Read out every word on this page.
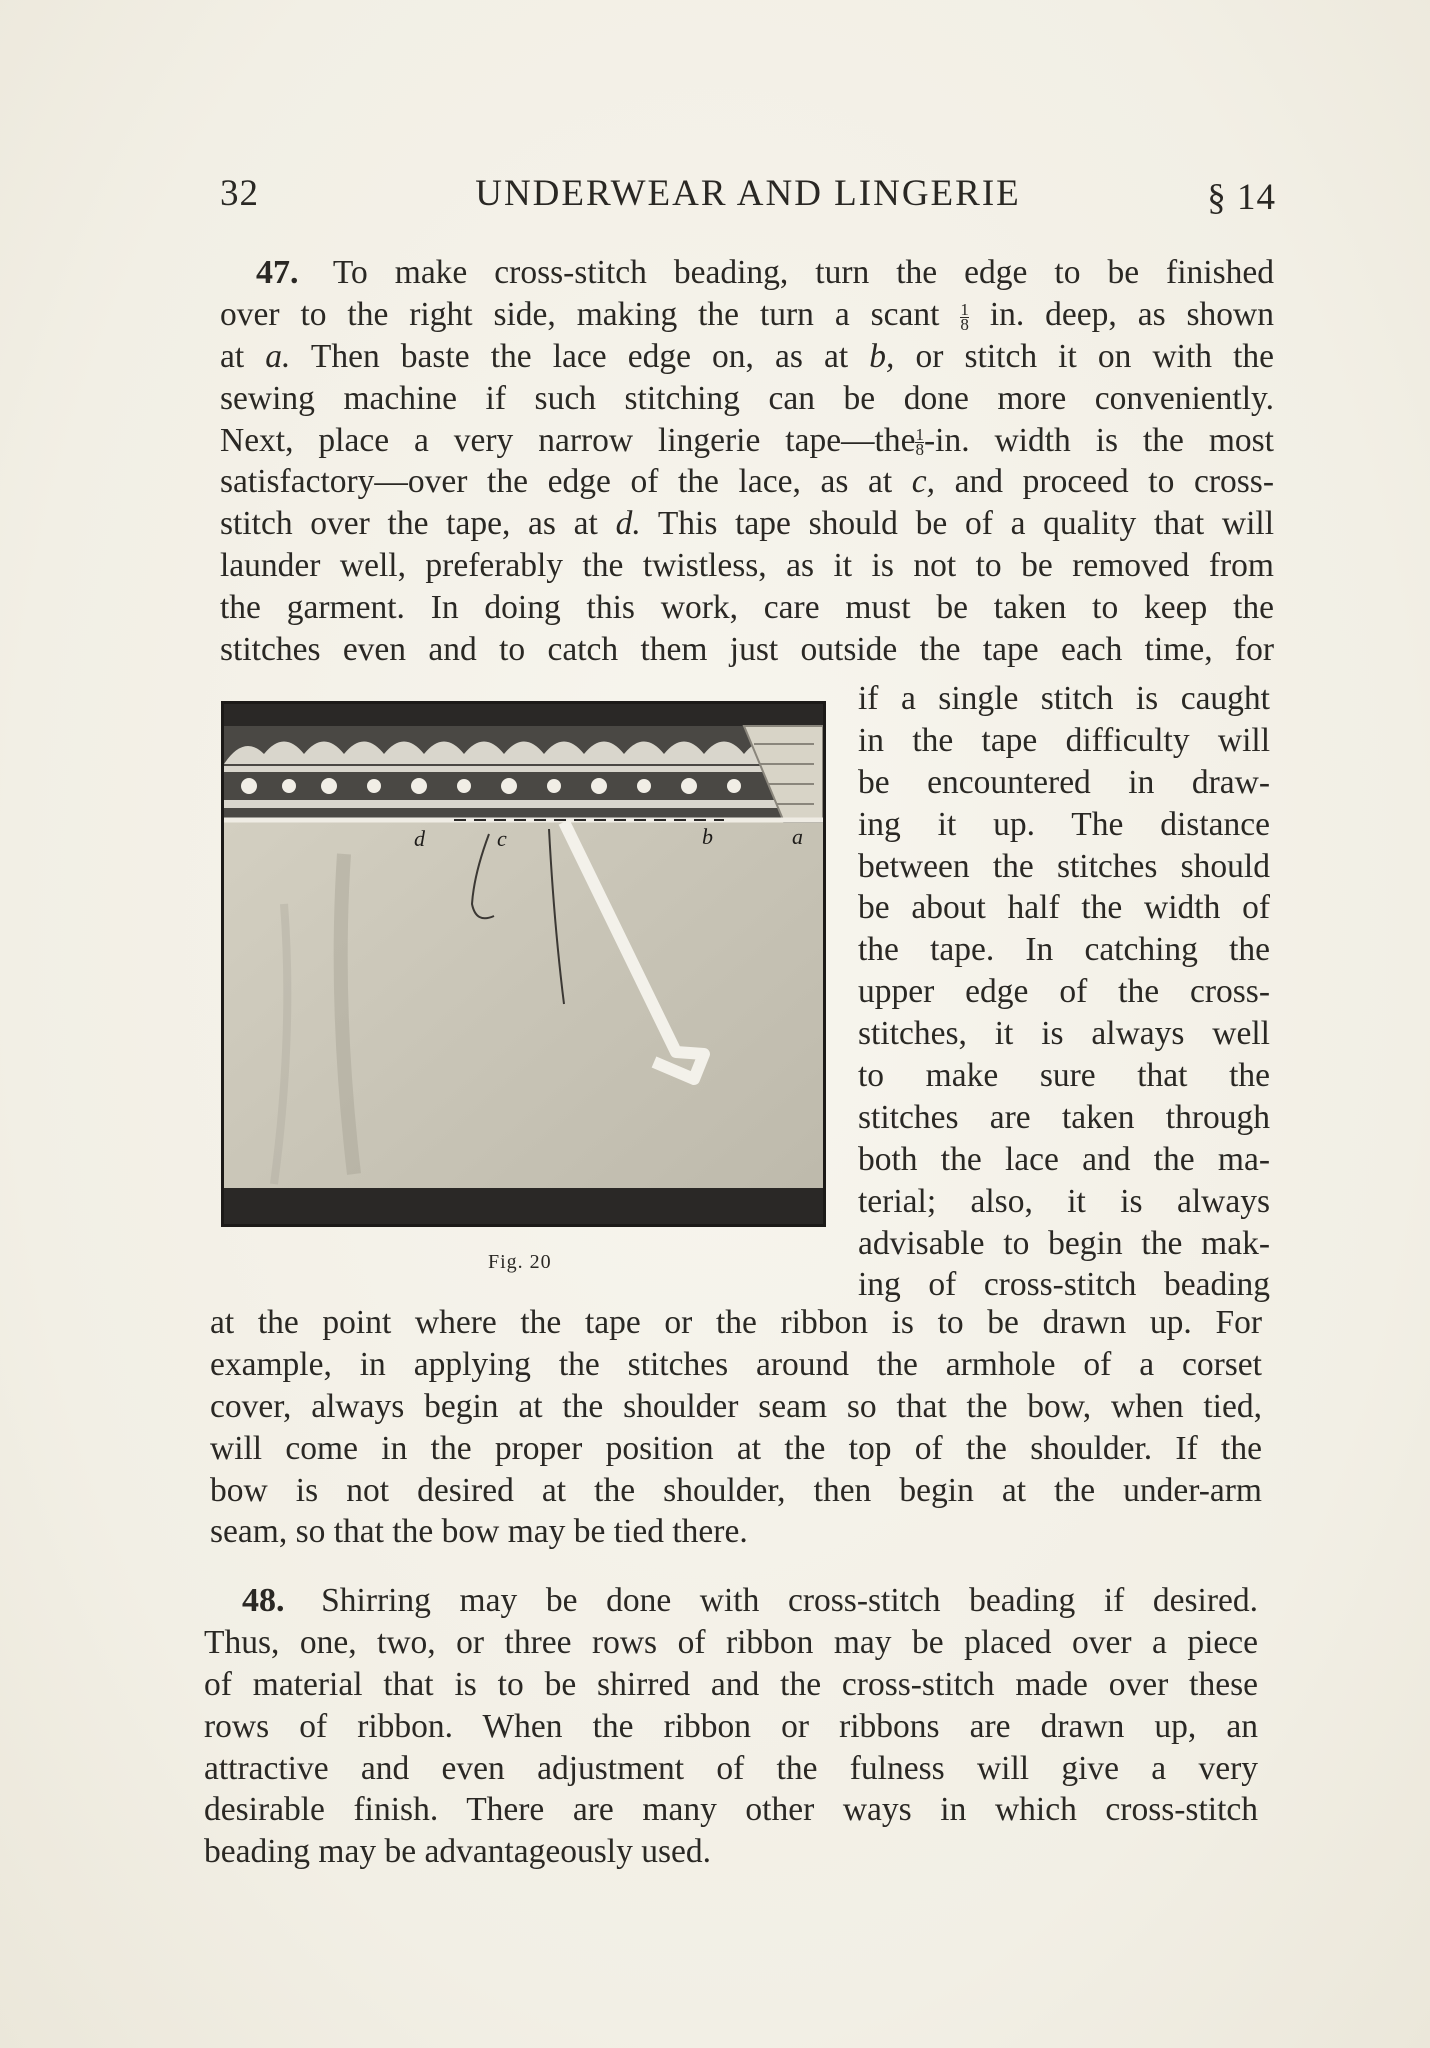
32	UNDERWEAR AND LINGERIE	§ 14
47. To make cross-stitch beading, turn the edge to be finished
over to the right side, making the turn a scant $\frac{1}{8}$ in. deep, as shown
at a. Then baste the lace edge on, as at b, or stitch it on with the
sewing machine if such stitching can be done more conveniently.
Next, place a very narrow lingerie tape—the $\frac{1}{8} -in$. width is the most
satisfactory—over the edge of the lace, as at c, and proceed to cross-
stitch over the tape, as at d. This tape should be of a quality that will
launder well, preferably the twistless, as it is not to be removed from
the garment. In doing this work, care must be taken to keep the
stitches even and to catch them just outside the tape each time, for
if a single stitch is caught
in the tape difficulty will
be encountered in draw-
ing it up. The distance
between the stitches should
be about half the width of
the tape. In catching the
upper edge of the cross-
stitches, it is always well
to make sure that the
stitches are taken through
both the lace and the ma-
terial; also, it is always
advisable to begin the mak-
ing of cross-stitch beading
d	c	b	a
Fig. 20
at the point where the tape or the ribbon is to be drawn up. For
example, in applying the stitches around the armhole of a corset
cover, always begin at the shoulder seam so that the bow, when tied,
will come in the proper position at the top of the shoulder. If the
bow is not desired at the shoulder, then begin at the under-arm
seam, so that the bow may be tied there.
48. Shirring may be done with cross-stitch beading if desired.
Thus, one, two, or three rows of ribbon may be placed over a piece
of material that is to be shirred and the cross-stitch made over these
rows of ribbon. When the ribbon or ribbons are drawn up, an
attractive and even adjustment of the fulness will give a very
desirable finish. There are many other ways in which cross-stitch
beading may be advantageously used.
